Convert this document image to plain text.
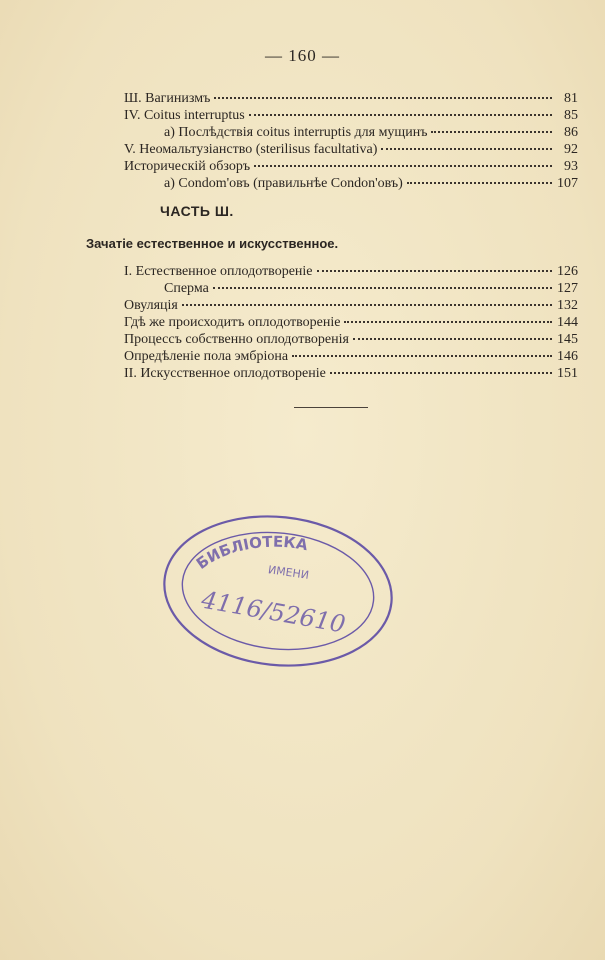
— 160 —
Ш. Вагинизмъ	81
IV. Coitus interruptus	85
a) Послѣдствія coitus interruptis для мущинъ	86
V. Неомальтузіанство (sterilisus facultativa)	92
Историческій обзоръ	93
a) Condom'овъ (правильнѣе Condon'овъ)	107
ЧАСТЬ Ш.
Зачатіе естественное и искусственное.
I. Естественное оплодотвореніе	126
Сперма	127
Овуляція	132
Гдѣ же происходитъ оплодотвореніе	144
Процессъ собственно оплодотворенія	145
Опредѣленіе пола эмбріона	146
II. Искусственное оплодотвореніе	151
БИБЛІОТЕКА
ИМЕНИ
4116/52610
